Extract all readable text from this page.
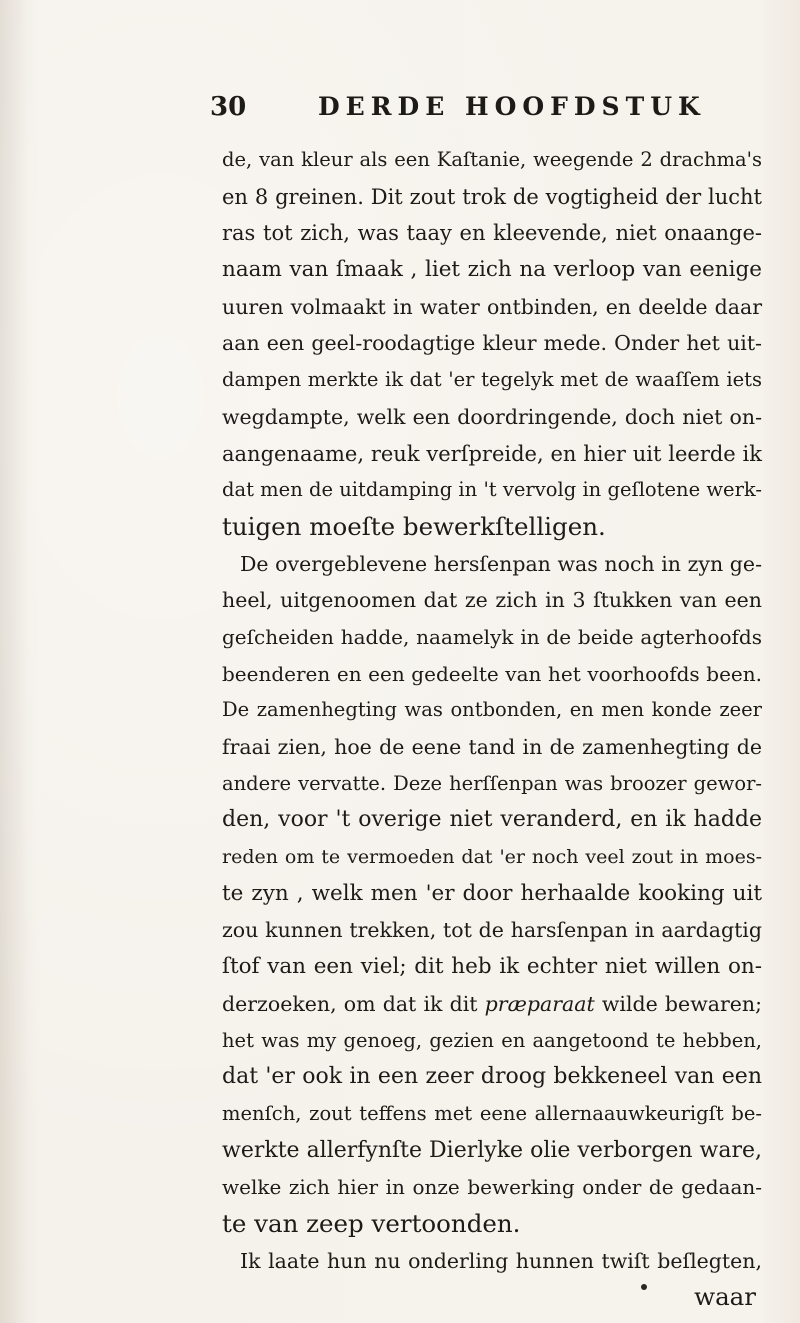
30	DERDE HOOFDSTUK
de, van kleur als een Kaſtanie, weegende 2 drachma's
en 8 greinen. Dit zout trok de vogtigheid der lucht
ras tot zich, was taay en kleevende, niet onaange-
naam van ſmaak , liet zich na verloop van eenige
uuren volmaakt in water ontbinden, en deelde daar
aan een geel-roodagtige kleur mede. Onder het uit-
dampen merkte ik dat 'er tegelyk met de waaſſem iets
wegdampte, welk een doordringende, doch niet on-
aangenaame, reuk verſpreide, en hier uit leerde ik
dat men de uitdamping in 't vervolg in geſlotene werk-
tuigen moeſte bewerkſtelligen.
De overgeblevene hersſenpan was noch in zyn ge-
heel, uitgenoomen dat ze zich in 3 ſtukken van een
geſcheiden hadde, naamelyk in de beide agterhoofds
beenderen en een gedeelte van het voorhoofds been.
De zamenhegting was ontbonden, en men konde zeer
fraai zien, hoe de eene tand in de zamenhegting de
andere vervatte. Deze herſſenpan was broozer gewor-
den, voor 't overige niet veranderd, en ik hadde
reden om te vermoeden dat 'er noch veel zout in moes-
te zyn , welk men 'er door herhaalde kooking uit
zou kunnen trekken, tot de harsſenpan in aardagtig
ſtof van een viel; dit heb ik echter niet willen on-
derzoeken, om dat ik dit præparaat wilde bewaren;
het was my genoeg, gezien en aangetoond te hebben,
dat 'er ook in een zeer droog bekkeneel van een
menſch, zout teffens met eene allernaauwkeurigſt be-
werkte allerfynſte Dierlyke olie verborgen ware,
welke zich hier in onze bewerking onder de gedaan-
te van zeep vertoonden.
Ik laate hun nu onderling hunnen twiſt beſlegten,
waar
